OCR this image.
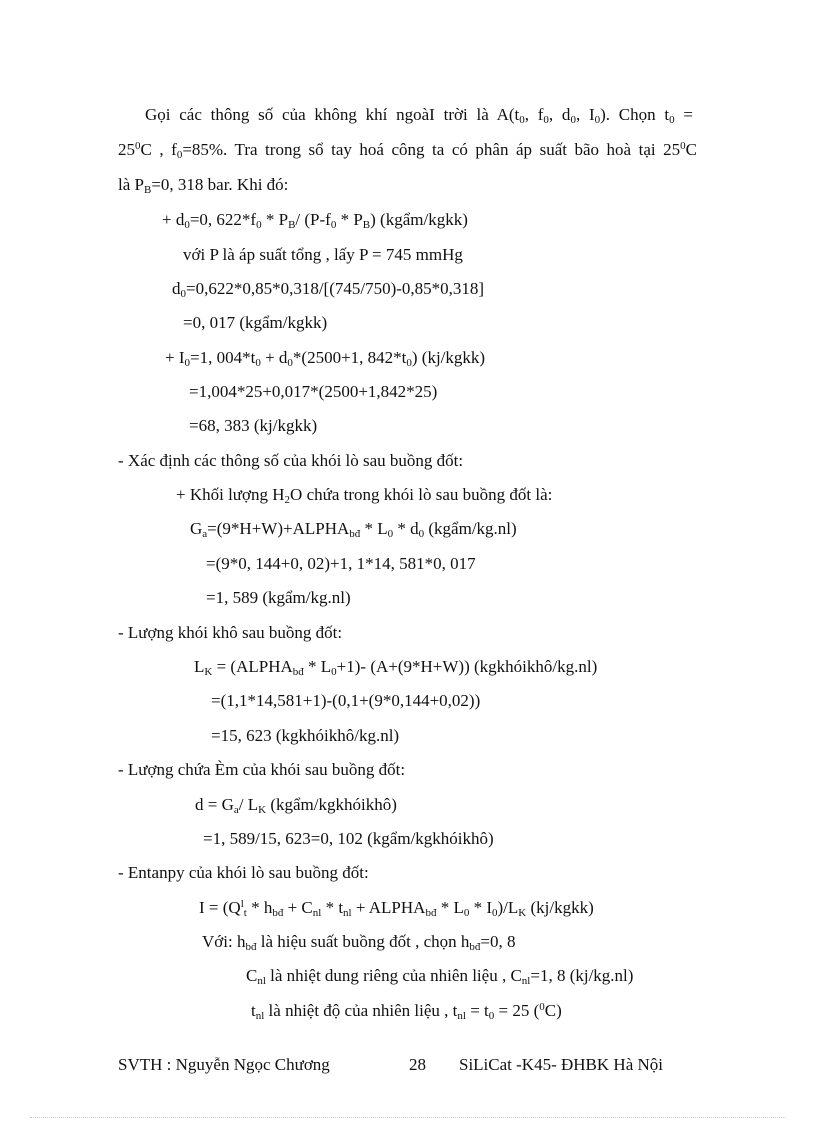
Gọi các thông số của không khí ngoàI trời là $A(t_0$, $f_0$, $d_0$, $I_0$). Chọn $t_0$ =
$25^0C$ , $f_0=85\%$. Tra trong sổ tay hoá công ta có phân áp suất bão hoà tại $25^0C$
là $P_B=0$, 318 bar. Khi đó:
+ $d_0=0$, $622*f_0 * P_B/$ $(P-f_0 * P_B)$ (kgẩm/kgkk)
với P là áp suất tổng , lấy P = 745 mmHg
$d_0=0,622*0,85*0,318/[(745/750)-0,85*0,318]$
=0, 017 (kgẩm/kgkk)
+ $I_0=1$, $004*t_0 + d_0*(2500+1$, $842*t_0$) (kj/kgkk)
=1,004*25+0,017*(2500+1,842*25)
=68, 383 (kj/kgkk)
- Xác định các thông số của khói lò sau buồng đốt:
+ Khối lượng $H_2O$ chứa trong khói lò sau buồng đốt là:
$G_a=(9*H+W)+ALPHA_{bđ} * L_0 * d_0$ (kgẩm/kg.nl)
=(9*0, 144+0, 02)+1, 1*14, 581*0, 017
=1, 589 (kgẩm/kg.nl)
- Lượng khói khô sau buồng đốt:
$L_K$ = $(ALPHA_{bđ} * L_0+1)-$ (A+(9*H+W)) (kgkhóikhô/kg.nl)
=(1,1*14,581+1)-(0,1+(9*0,144+0,02))
=15, 623 (kgkhóikhô/kg.nl)
- Lượng chứa Èm của khói sau buồng đốt:
$d = G_a/$ $L_K$ (kgẩm/kgkhóikhô)
=1, 589/15, 623=0, 102 (kgẩm/kgkhóikhô)
- Entanpy của khói lò sau buồng đốt:
$I = (Q^l_t * h_{bđ} + C_{nl} * t_{nl}$ + $ALPHA_{bđ} * L_0 * I_0)/L_K$ (kj/kgkk)
Với: $h_{bđ}$ là hiệu suất buồng đốt , chọn $h_{bđ}=0$, 8
$C_{nl}$ là nhiệt dung riêng của nhiên liệu , $C_{nl}=1$, 8 (kj/kg.nl)
$t_{nl}$ là nhiệt độ của nhiên liệu , $t_{nl} = t_0 = 25$ ($^0$C)
SVTH : Nguyễn Ngọc Chương	28 SiLiCat -K45- ĐHBK Hà Nội
